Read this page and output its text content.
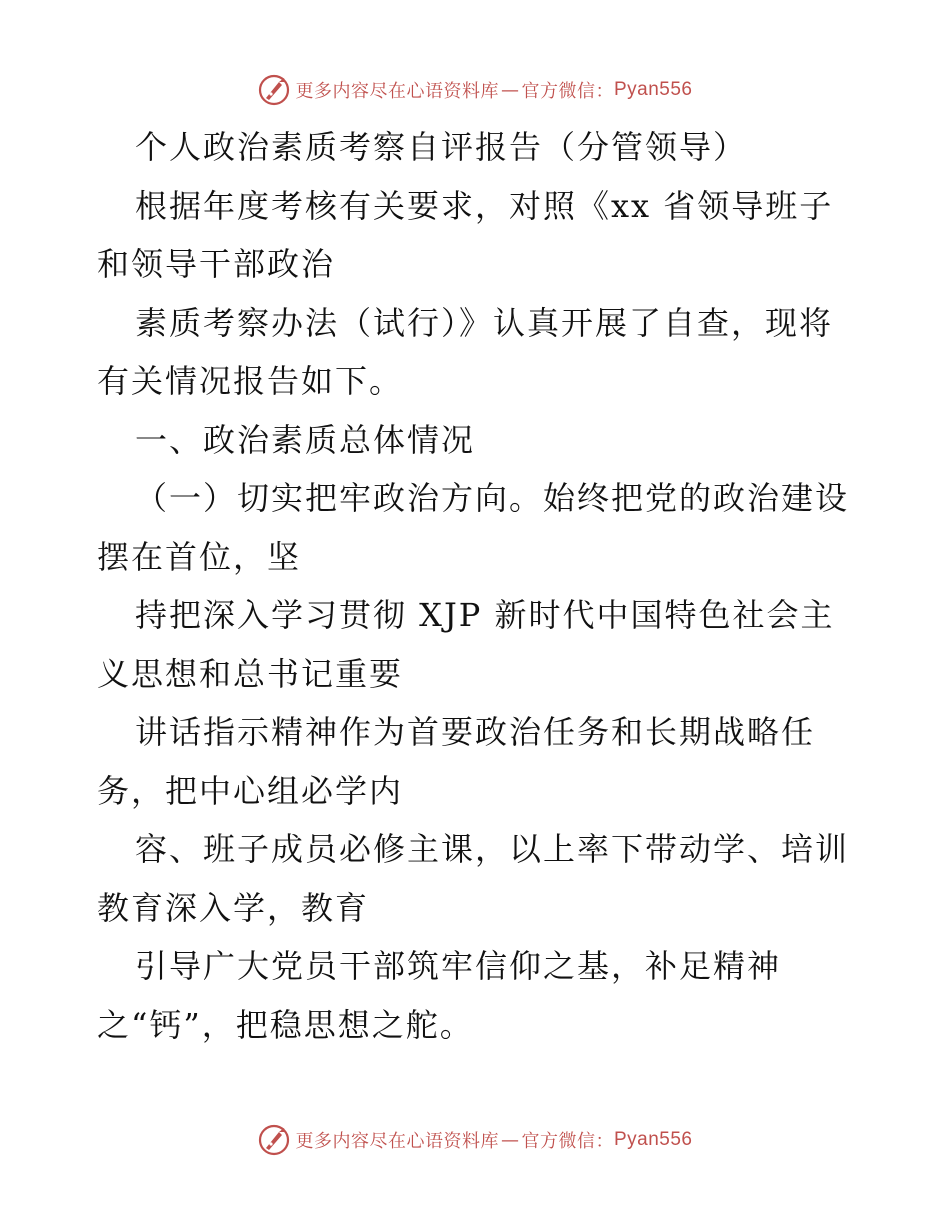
更多内容尽在心语资料库 — 官方微信： Pyan556
个人政治素质考察自评报告（分管领导）
根据年度考核有关要求，对照《xx 省领导班子
和领导干部政治
素质考察办法（试行）》认真开展了自查，现将
有关情况报告如下。
一、政治素质总体情况
（一）切实把牢政治方向。始终把党的政治建设
摆在首位，坚
持把深入学习贯彻 XJP 新时代中国特色社会主
义思想和总书记重要
讲话指示精神作为首要政治任务和长期战略任
务，把中心组必学内
容、班子成员必修主课，以上率下带动学、培训
教育深入学，教育
引导广大党员干部筑牢信仰之基，补足精神
之“钙”，把稳思想之舵。
更多内容尽在心语资料库 — 官方微信： Pyan556
